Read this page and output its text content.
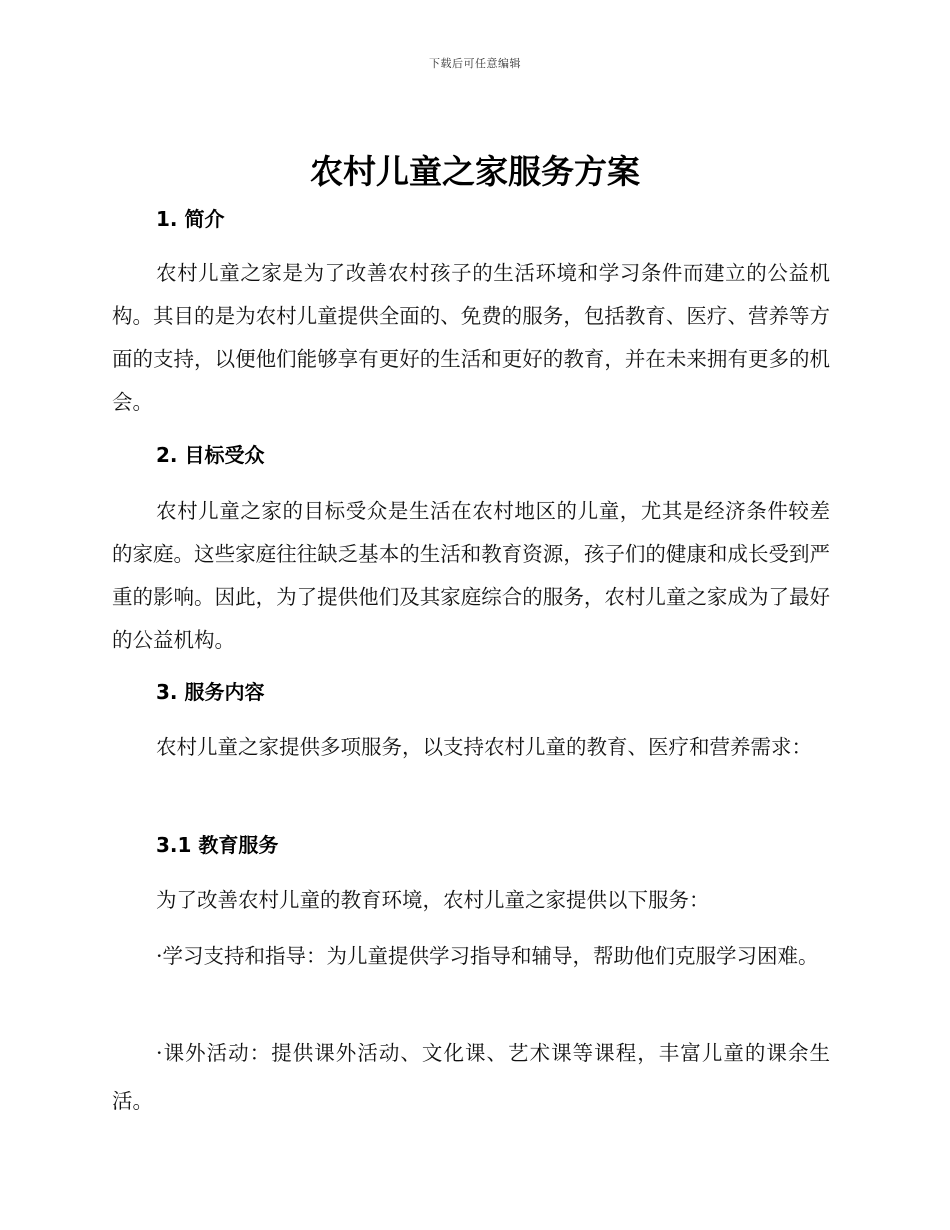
下载后可任意编辑
农村儿童之家服务方案
1. 简介

农村儿童之家是为了改善农村孩子的生活环境和学习条件而建立的公益机构。其目的是为农村儿童提供全面的、免费的服务，包括教育、医疗、营养等方面的支持，以便他们能够享有更好的生活和更好的教育，并在未来拥有更多的机会。

2. 目标受众

农村儿童之家的目标受众是生活在农村地区的儿童，尤其是经济条件较差的家庭。这些家庭往往缺乏基本的生活和教育资源，孩子们的健康和成长受到严重的影响。因此，为了提供他们及其家庭综合的服务，农村儿童之家成为了最好的公益机构。

3. 服务内容

农村儿童之家提供多项服务，以支持农村儿童的教育、医疗和营养需求：

3.1 教育服务

为了改善农村儿童的教育环境，农村儿童之家提供以下服务：

·学习支持和指导：为儿童提供学习指导和辅导，帮助他们克服学习困难。

·课外活动：提供课外活动、文化课、艺术课等课程，丰富儿童的课余生活。
